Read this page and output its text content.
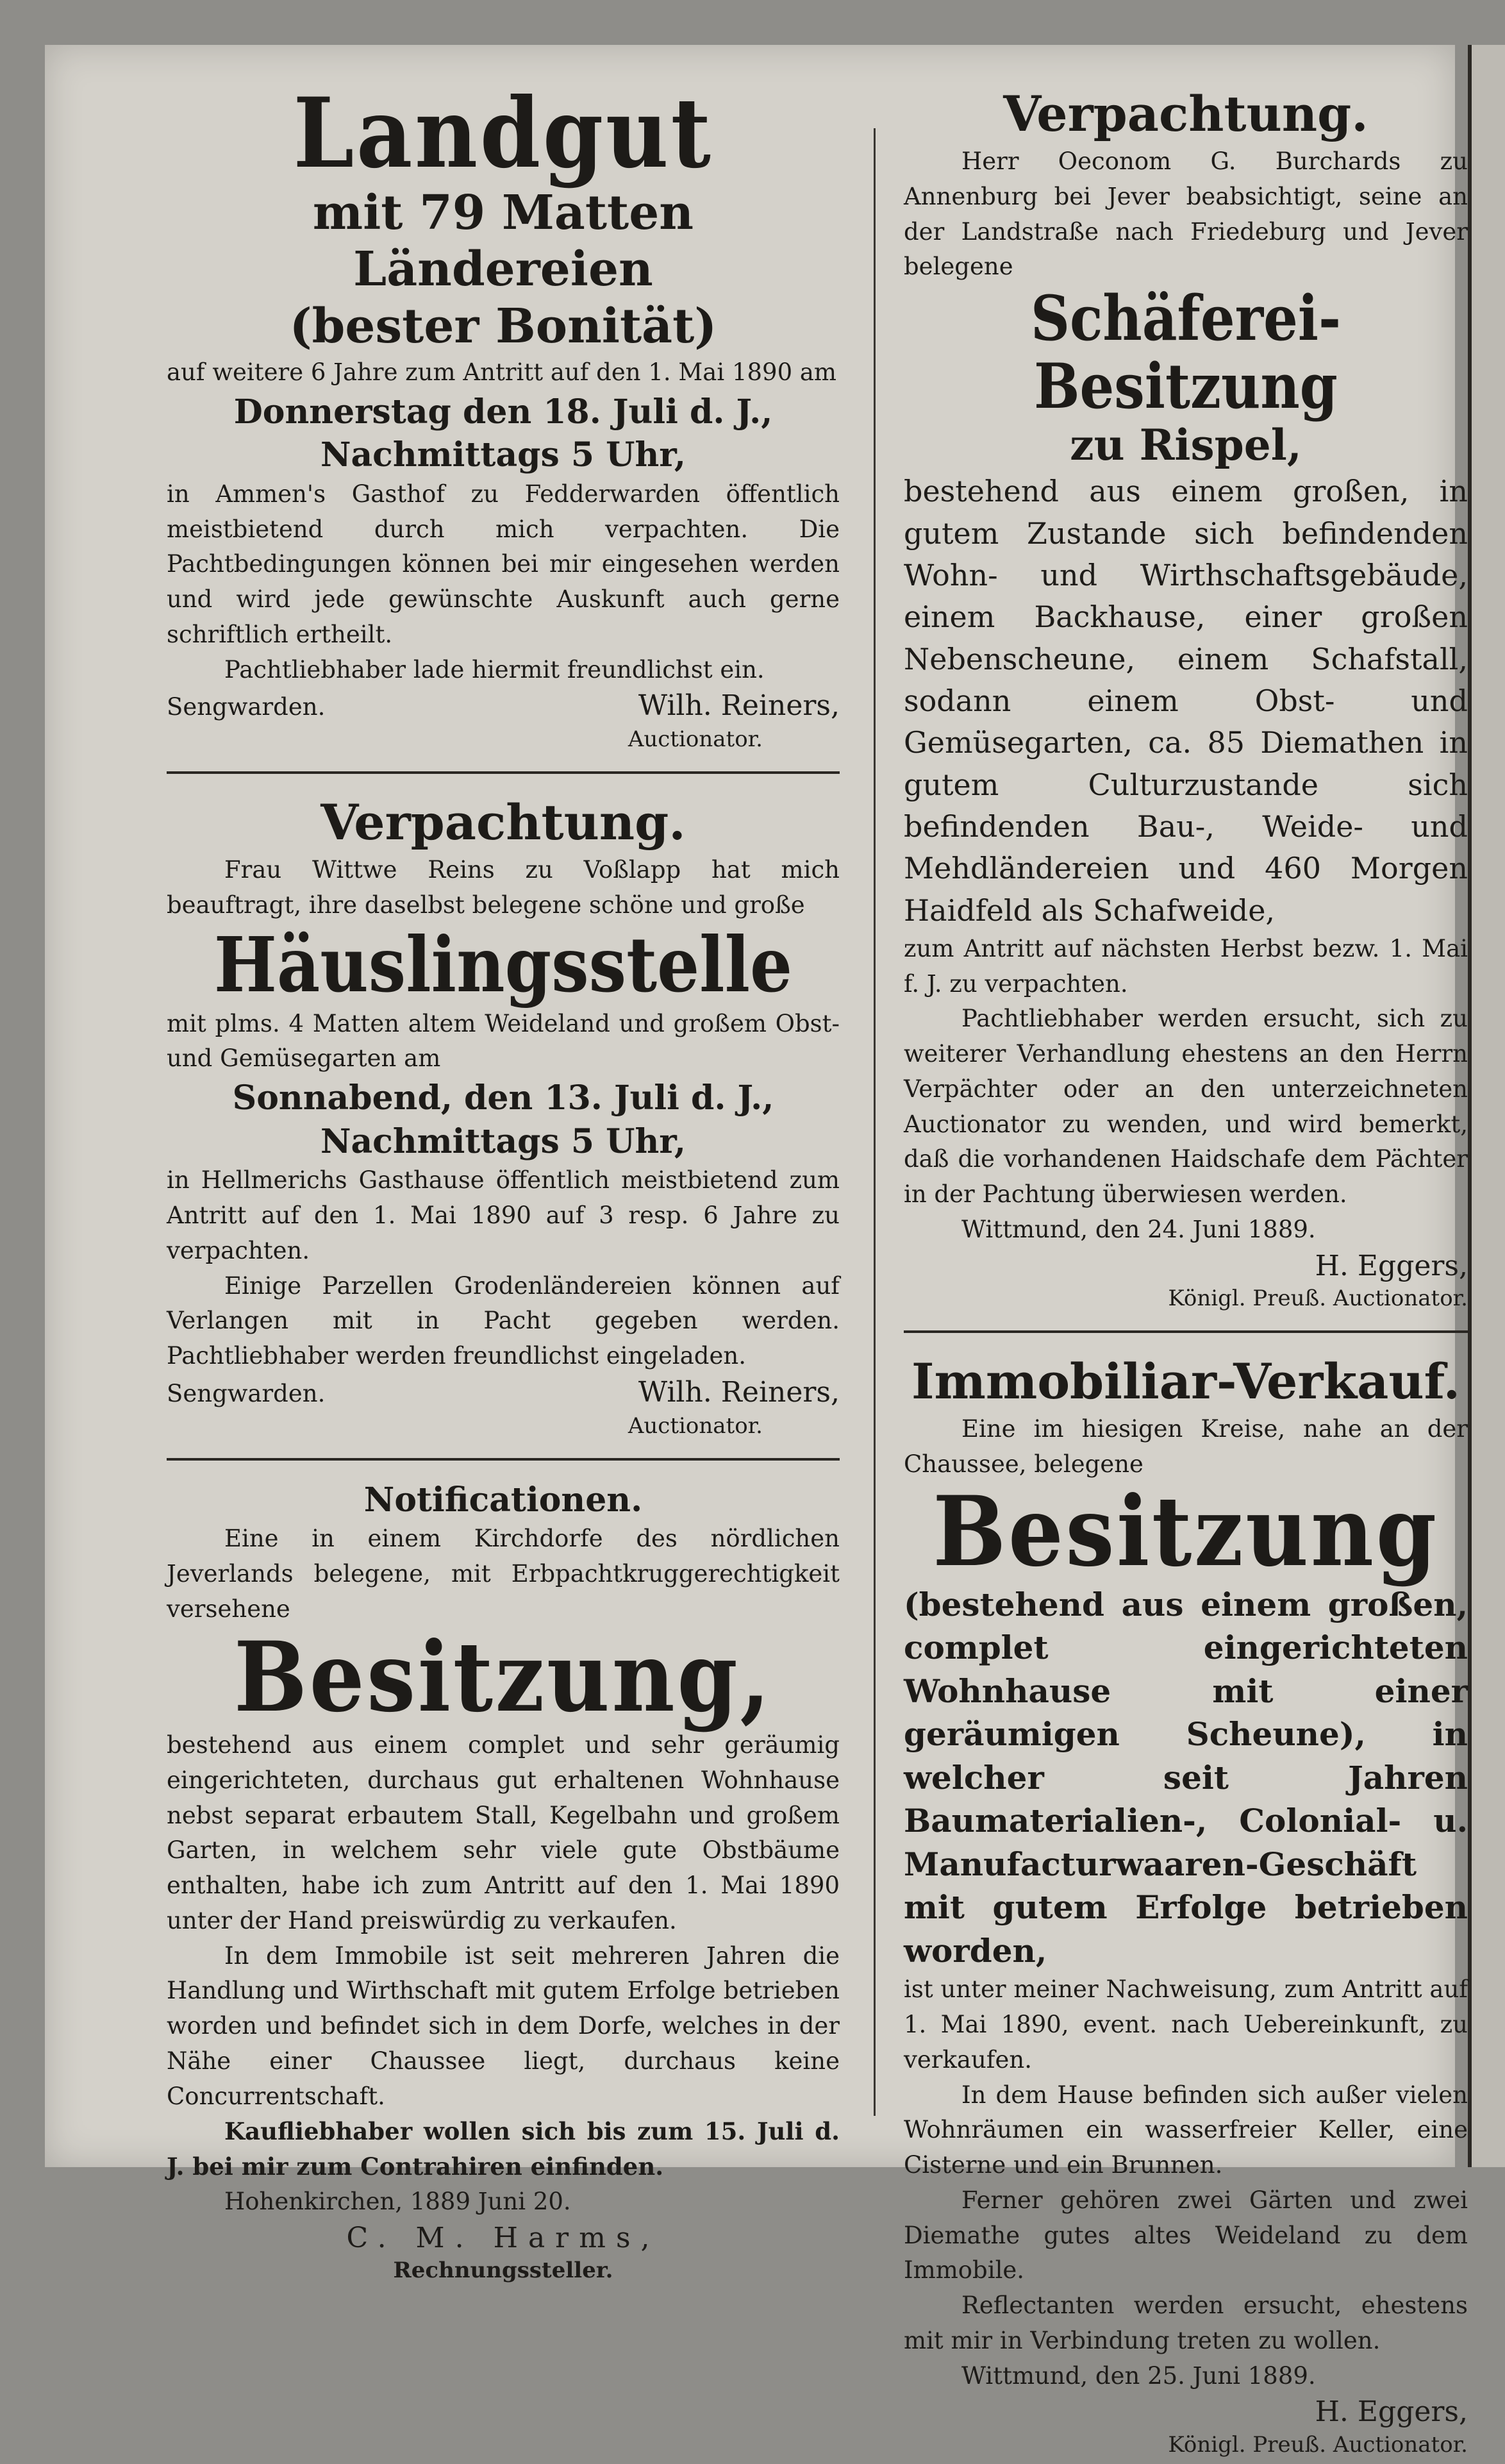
Landgut
mit 79 Matten Ländereien
(bester Bonität)
auf weitere 6 Jahre zum Antritt auf den 1. Mai 1890 am
Donnerstag den 18. Juli d. J.,
Nachmittags 5 Uhr,
in Ammen's Gasthof zu Fedderwarden öffentlich meistbietend durch mich verpachten. Die Pachtbedingungen können bei mir eingesehen werden und wird jede gewünschte Auskunft auch gerne schriftlich ertheilt.
Pachtliebhaber lade hiermit freundlichst ein.
Sengwarden.	Wilh. Reiners,
Auctionator.
Verpachtung.
Frau Wittwe Reins zu Voßlapp hat mich beauftragt, ihre daselbst belegene schöne und große
Häuslingsstelle
mit plms. 4 Matten altem Weideland und großem Obst- und Gemüsegarten am
Sonnabend, den 13. Juli d. J.,
Nachmittags 5 Uhr,
in Hellmerichs Gasthause öffentlich meistbietend zum Antritt auf den 1. Mai 1890 auf 3 resp. 6 Jahre zu verpachten.
Einige Parzellen Grodenländereien können auf Verlangen mit in Pacht gegeben werden. Pachtliebhaber werden freundlichst eingeladen.
Sengwarden.	Wilh. Reiners,
Auctionator.
Notificationen.
Eine in einem Kirchdorfe des nördlichen Jeverlands belegene, mit Erbpachtkruggerechtigkeit versehene
Besitzung,
bestehend aus einem complet und sehr geräumig eingerichteten, durchaus gut erhaltenen Wohnhause nebst separat erbautem Stall, Kegelbahn und großem Garten, in welchem sehr viele gute Obstbäume enthalten, habe ich zum Antritt auf den 1. Mai 1890 unter der Hand preiswürdig zu verkaufen.
In dem Immobile ist seit mehreren Jahren die Handlung und Wirthschaft mit gutem Erfolge betrieben worden und befindet sich in dem Dorfe, welches in der Nähe einer Chaussee liegt, durchaus keine Concurrentschaft.
Kaufliebhaber wollen sich bis zum 15. Juli d. J. bei mir zum Contrahiren einfinden.
Hohenkirchen, 1889 Juni 20.
C. M. Harms,
Rechnungssteller.
Verpachtung.
Herr Oeconom G. Burchards zu Annenburg bei Jever beabsichtigt, seine an der Landstraße nach Friedeburg und Jever belegene
Schäferei-Besitzung
zu Rispel,
bestehend aus einem großen, in gutem Zustande sich befindenden Wohn- und Wirthschaftsgebäude, einem Backhause, einer großen Nebenscheune, einem Schafstall, sodann einem Obst- und Gemüsegarten, ca. 85 Diemathen in gutem Culturzustande sich befindenden Bau-, Weide- und Mehdländereien und 460 Morgen Haidfeld als Schafweide,
zum Antritt auf nächsten Herbst bezw. 1. Mai f. J. zu verpachten.
Pachtliebhaber werden ersucht, sich zu weiterer Verhandlung ehestens an den Herrn Verpächter oder an den unterzeichneten Auctionator zu wenden, und wird bemerkt, daß die vorhandenen Haidschafe dem Pächter in der Pachtung überwiesen werden.
Wittmund, den 24. Juni 1889.
H. Eggers,
Königl. Preuß. Auctionator.
Immobiliar-Verkauf.
Eine im hiesigen Kreise, nahe an der Chaussee, belegene
Besitzung
(bestehend aus einem großen, complet eingerichteten Wohnhause mit einer geräumigen Scheune), in welcher seit Jahren Baumaterialien-, Colonial- u. Manufacturwaaren-Geschäft mit gutem Erfolge betrieben worden,
ist unter meiner Nachweisung, zum Antritt auf 1. Mai 1890, event. nach Uebereinkunft, zu verkaufen.
In dem Hause befinden sich außer vielen Wohnräumen ein wasserfreier Keller, eine Cisterne und ein Brunnen.
Ferner gehören zwei Gärten und zwei Diemathe gutes altes Weideland zu dem Immobile.
Reflectanten werden ersucht, ehestens mit mir in Verbindung treten zu wollen.
Wittmund, den 25. Juni 1889.
H. Eggers,
Königl. Preuß. Auctionator.
